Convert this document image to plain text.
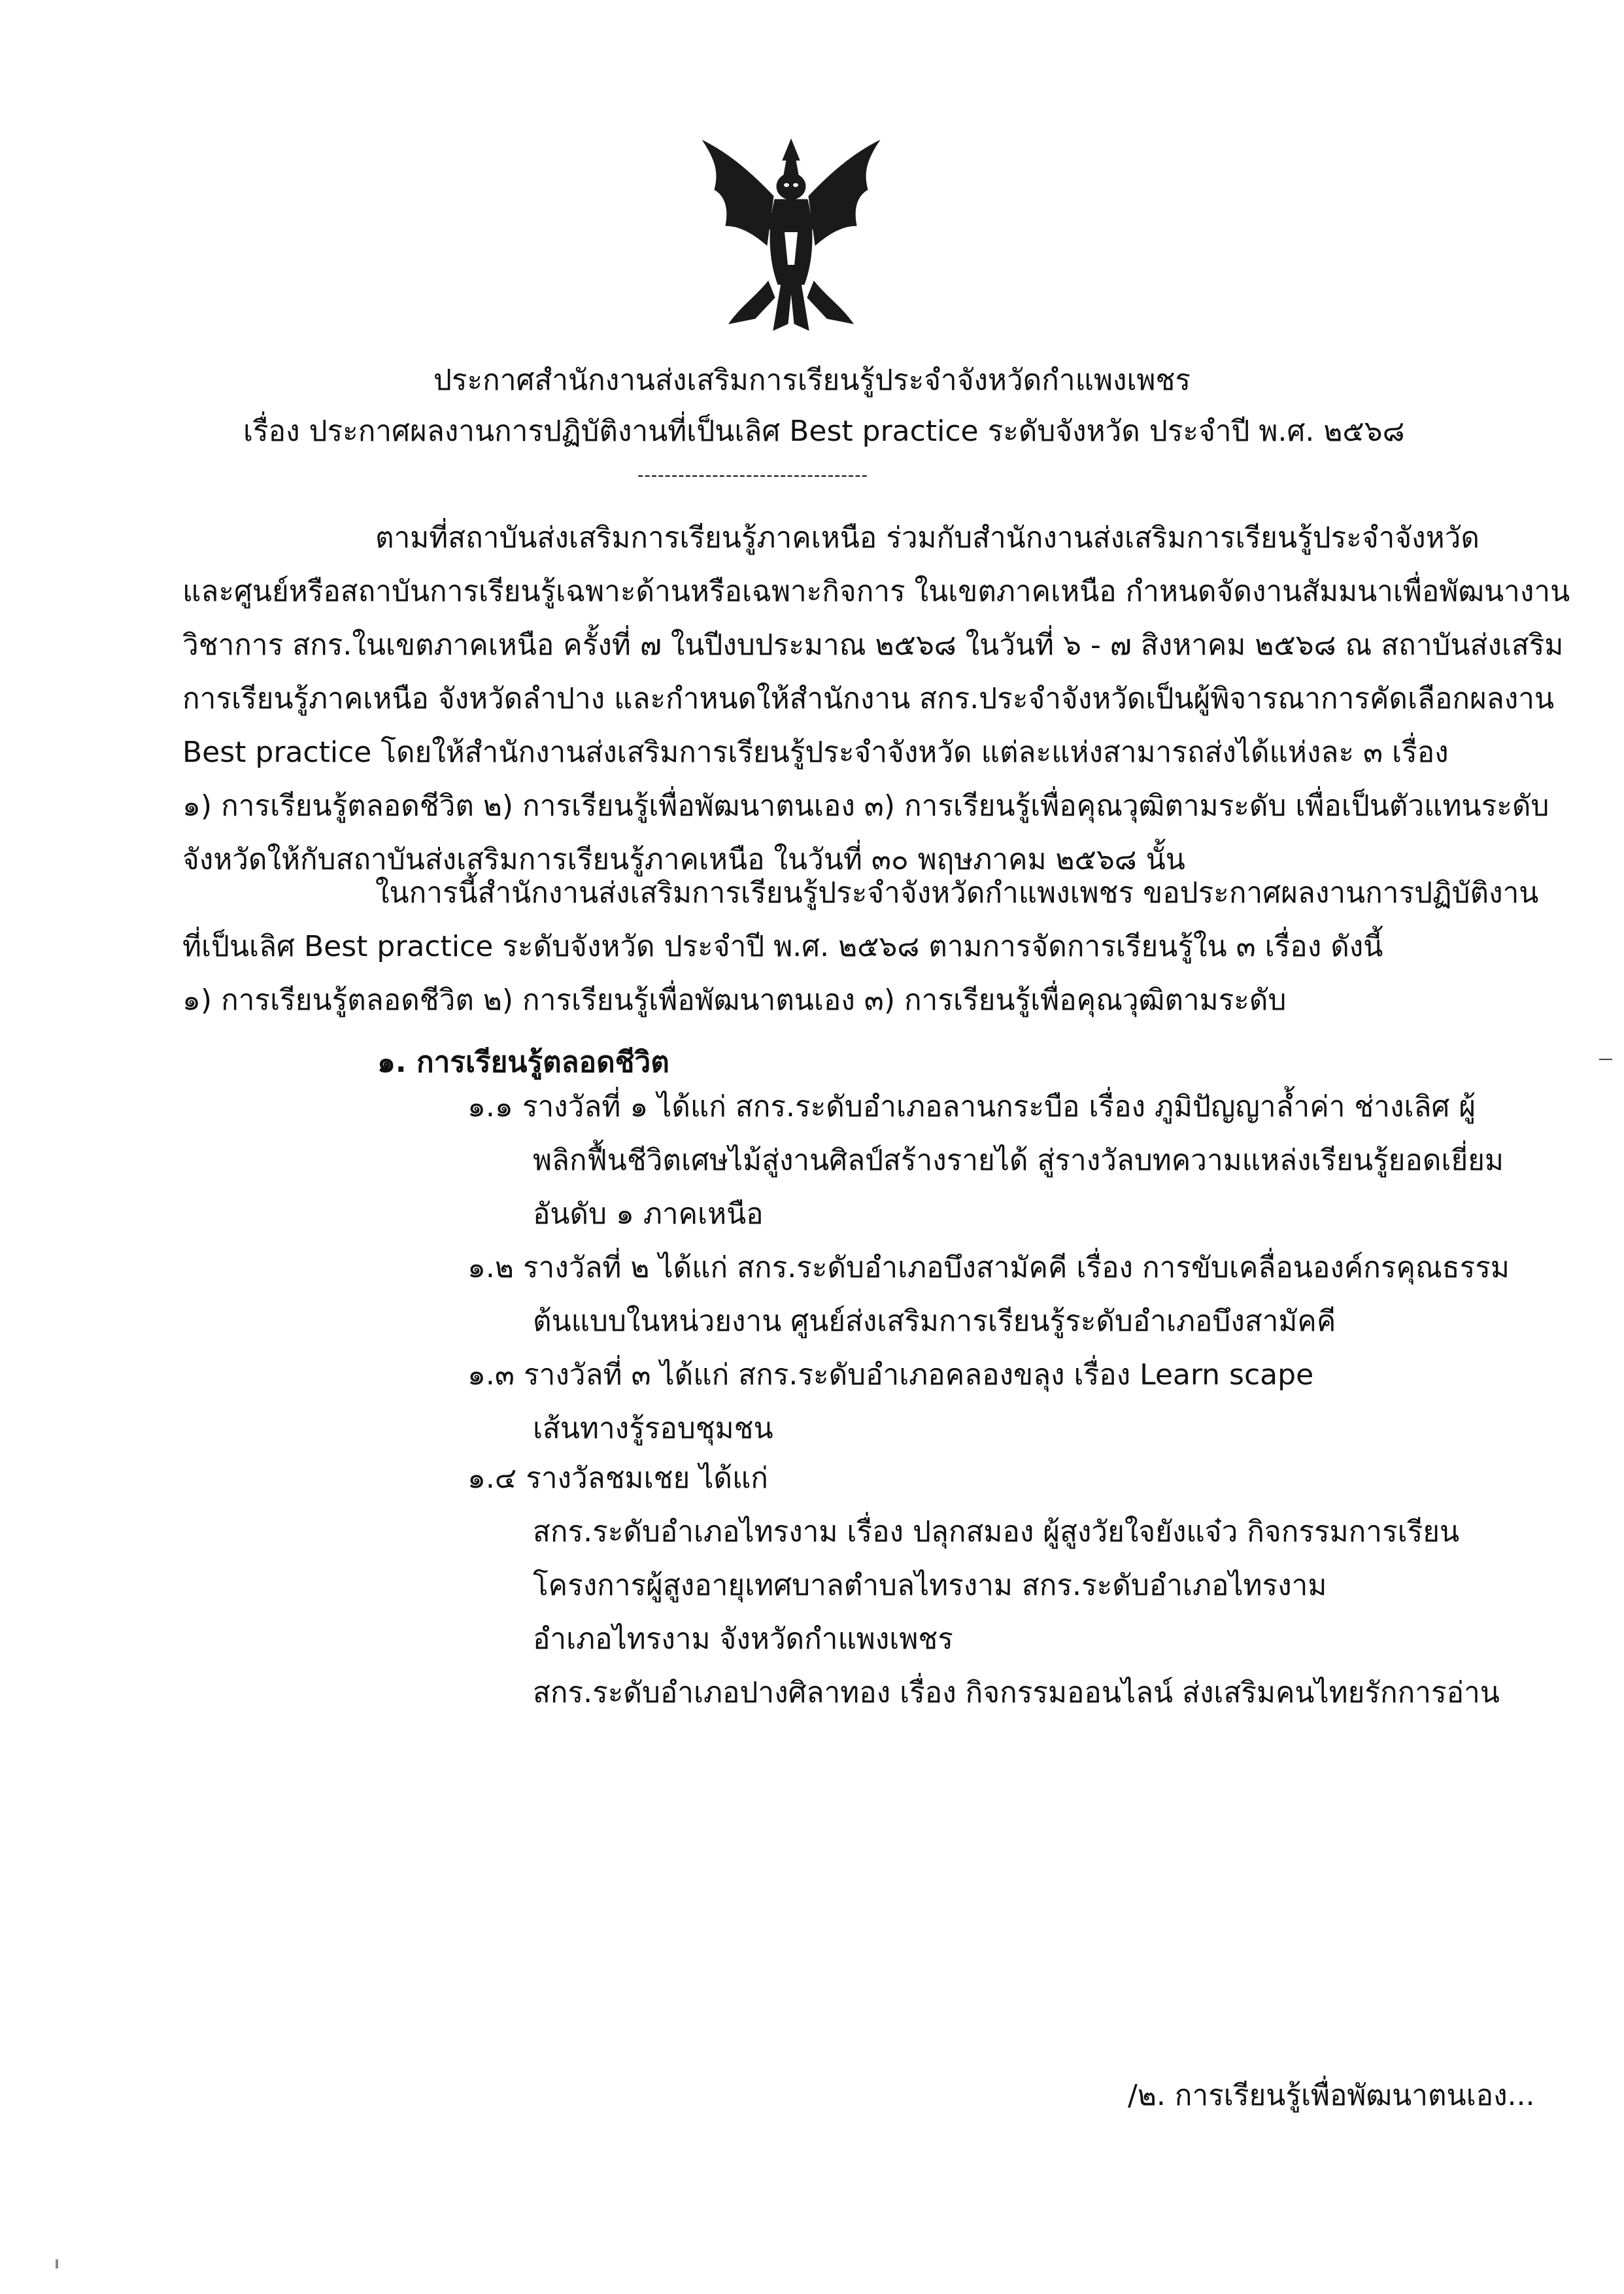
ประกาศสำนักงานส่งเสริมการเรียนรู้ประจำจังหวัดกำแพงเพชร
เรื่อง ประกาศผลงานการปฏิบัติงานที่เป็นเลิศ Best practice ระดับจังหวัด ประจำปี พ.ศ. ๒๕๖๘
----------------------------------
ตามที่สถาบันส่งเสริมการเรียนรู้ภาคเหนือ ร่วมกับสำนักงานส่งเสริมการเรียนรู้ประจำจังหวัด
และศูนย์หรือสถาบันการเรียนรู้เฉพาะด้านหรือเฉพาะกิจการ ในเขตภาคเหนือ กำหนดจัดงานสัมมนาเพื่อพัฒนางาน
วิชาการ สกร.ในเขตภาคเหนือ ครั้งที่ ๗ ในปีงบประมาณ ๒๕๖๘ ในวันที่ ๖ - ๗ สิงหาคม ๒๕๖๘ ณ สถาบันส่งเสริม
การเรียนรู้ภาคเหนือ จังหวัดลำปาง และกำหนดให้สำนักงาน สกร.ประจำจังหวัดเป็นผู้พิจารณาการคัดเลือกผลงาน
Best practice โดยให้สำนักงานส่งเสริมการเรียนรู้ประจำจังหวัด แต่ละแห่งสามารถส่งได้แห่งละ ๓ เรื่อง
๑) การเรียนรู้ตลอดชีวิต ๒) การเรียนรู้เพื่อพัฒนาตนเอง ๓) การเรียนรู้เพื่อคุณวุฒิตามระดับ เพื่อเป็นตัวแทนระดับ
จังหวัดให้กับสถาบันส่งเสริมการเรียนรู้ภาคเหนือ ในวันที่ ๓๐ พฤษภาคม ๒๕๖๘ นั้น
ในการนี้สำนักงานส่งเสริมการเรียนรู้ประจำจังหวัดกำแพงเพชร ขอประกาศผลงานการปฏิบัติงาน
ที่เป็นเลิศ Best practice ระดับจังหวัด ประจำปี พ.ศ. ๒๕๖๘ ตามการจัดการเรียนรู้ใน ๓ เรื่อง ดังนี้
๑) การเรียนรู้ตลอดชีวิต ๒) การเรียนรู้เพื่อพัฒนาตนเอง ๓) การเรียนรู้เพื่อคุณวุฒิตามระดับ
๑. การเรียนรู้ตลอดชีวิต
๑.๑ รางวัลที่ ๑ ได้แก่ สกร.ระดับอำเภอลานกระบือ เรื่อง ภูมิปัญญาล้ำค่า ช่างเลิศ ผู้
พลิกฟื้นชีวิตเศษไม้สู่งานศิลป์สร้างรายได้ สู่รางวัลบทความแหล่งเรียนรู้ยอดเยี่ยม
อันดับ ๑ ภาคเหนือ
๑.๒ รางวัลที่ ๒ ได้แก่ สกร.ระดับอำเภอบึงสามัคคี เรื่อง การขับเคลื่อนองค์กรคุณธรรม
ต้นแบบในหน่วยงาน ศูนย์ส่งเสริมการเรียนรู้ระดับอำเภอบึงสามัคคี
๑.๓ รางวัลที่ ๓ ได้แก่ สกร.ระดับอำเภอคลองขลุง เรื่อง Learn scape
เส้นทางรู้รอบชุมชน
๑.๔ รางวัลชมเชย ได้แก่
สกร.ระดับอำเภอไทรงาม เรื่อง ปลุกสมอง ผู้สูงวัยใจยังแจ๋ว กิจกรรมการเรียน
โครงการผู้สูงอายุเทศบาลตำบลไทรงาม สกร.ระดับอำเภอไทรงาม
อำเภอไทรงาม จังหวัดกำแพงเพชร
สกร.ระดับอำเภอปางศิลาทอง เรื่อง กิจกรรมออนไลน์ ส่งเสริมคนไทยรักการอ่าน
/๒. การเรียนรู้เพื่อพัฒนาตนเอง...
